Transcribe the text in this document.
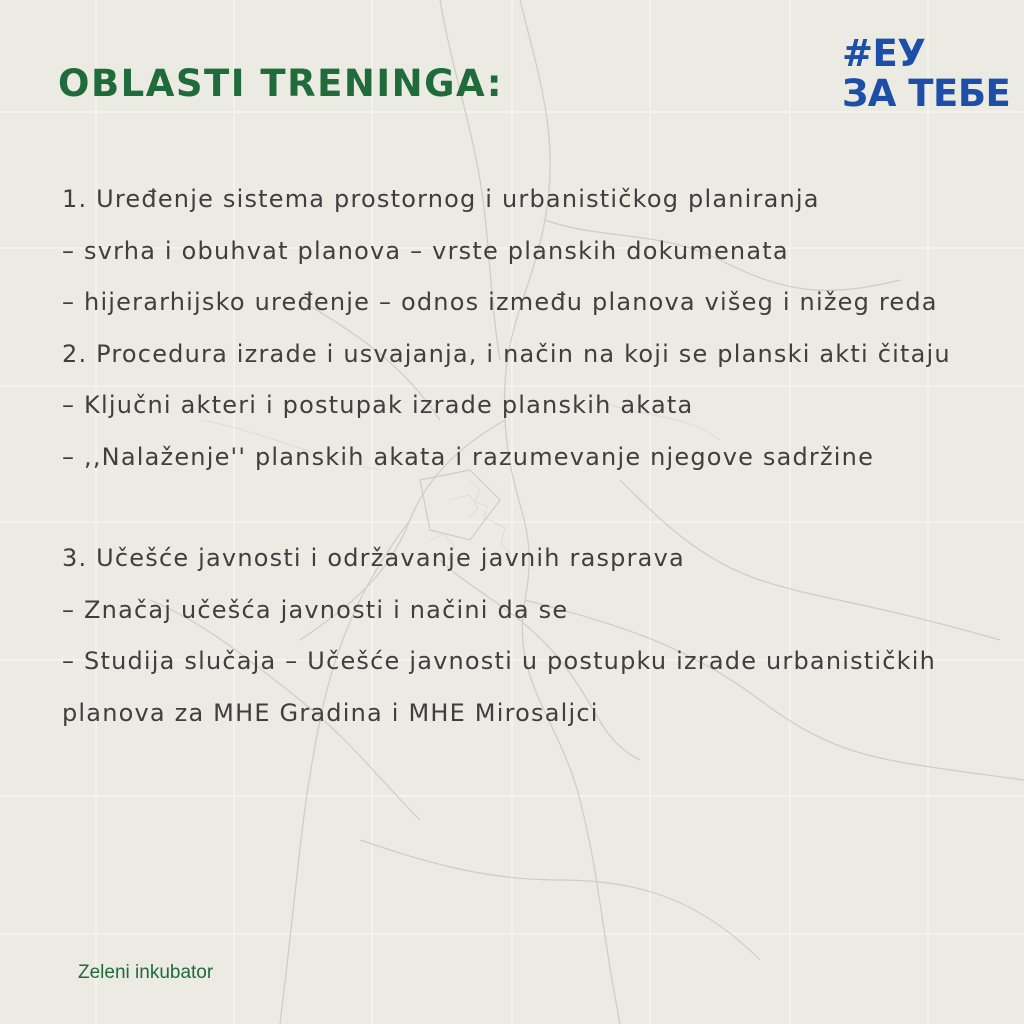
OBLASTI TRENINGA:
#ЕУ
ЗА ТЕБЕ

1. Uređenje sistema prostornog i urbanističkog planiranja

– svrha i obuhvat planova – vrste planskih dokumenata

– hijerarhijsko uređenje – odnos između planova višeg i nižeg reda

2. Procedura izrade i usvajanja, i način na koji se planski akti čitaju

– Ključni akteri i postupak izrade planskih akata

– ,,Nalaženje'' planskih akata i razumevanje njegove sadržine

3. Učešće javnosti i održavanje javnih rasprava

– Značaj učešća javnosti i načini da se

– Studija slučaja – Učešće javnosti u postupku izrade urbanističkih planova za MHE Gradina i MHE Mirosaljci

Zeleni inkubator
